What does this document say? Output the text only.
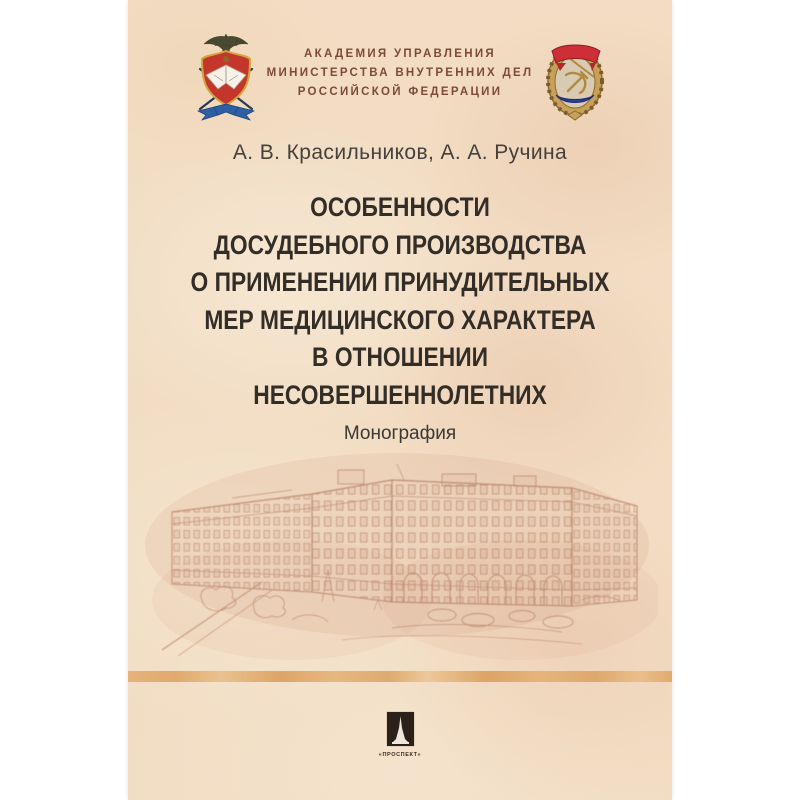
АКАДЕМИЯ УПРАВЛЕНИЯ
МИНИСТЕРСТВА ВНУТРЕННИХ ДЕЛ
РОССИЙСКОЙ ФЕДЕРАЦИИ
А. В. Красильников, А. А. Ручина
ОСОБЕННОСТИ
ДОСУДЕБНОГО ПРОИЗВОДСТВА
О ПРИМЕНЕНИИ ПРИНУДИТЕЛЬНЫХ
МЕР МЕДИЦИНСКОГО ХАРАКТЕРА
В ОТНОШЕНИИ
НЕСОВЕРШЕННОЛЕТНИХ
Монография
«ПРОСПЕКТ»
